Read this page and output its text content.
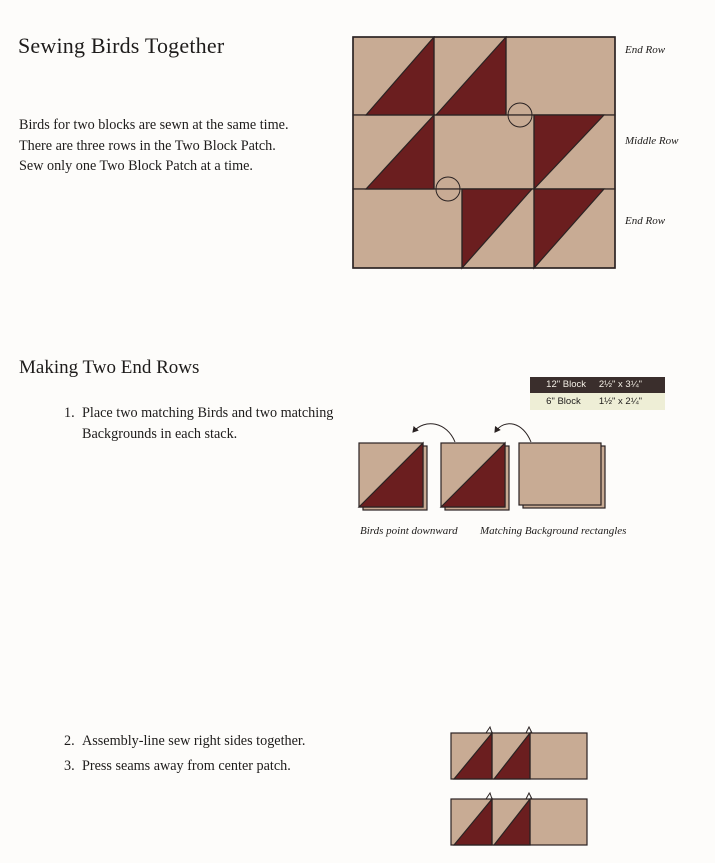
Sewing Birds Together
Birds for two blocks are sewn at the same time.
There are three rows in the Two Block Patch.
Sew only one Two Block Patch at a time.
End Row
Middle Row
End Row
Making Two End Rows
12" Block 2½" x 3¼"
6" Block 1½" x 2¼"
1. Place two matching Birds and two matching
Backgrounds in each stack.
Birds point downward Matching Background rectangles
2. Assembly-line sew right sides together.
3. Press seams away from center patch.
